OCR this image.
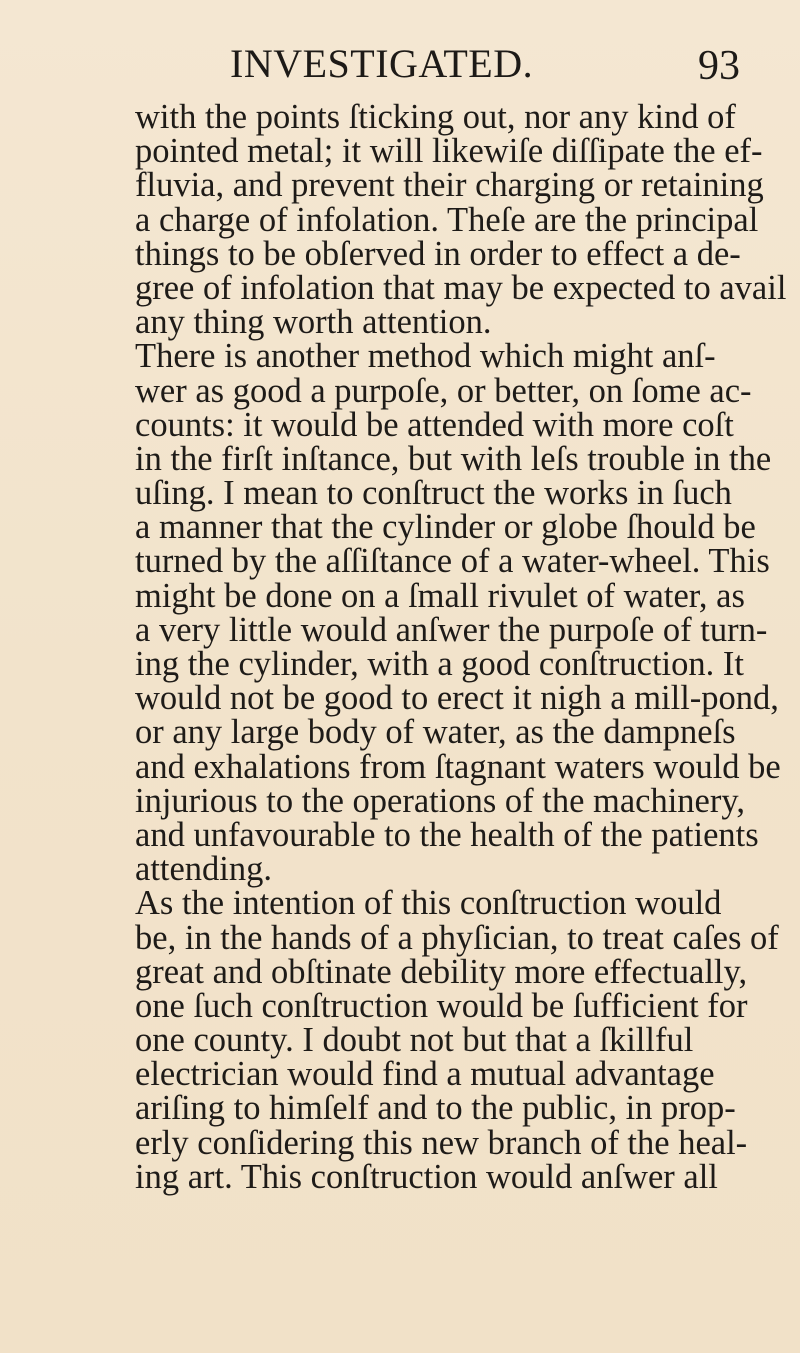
INVESTIGATED.	93
with the points ſticking out, nor any kind of
pointed metal; it will likewiſe diſſipate the ef-
fluvia, and prevent their charging or retaining
a charge of infolation. Theſe are the principal
things to be obſerved in order to effect a de-
gree of infolation that may be expected to avail
any thing worth attention.
There is another method which might anſ-
wer as good a purpoſe, or better, on ſome ac-
counts: it would be attended with more coſt
in the firſt inſtance, but with leſs trouble in the
uſing. I mean to conſtruct the works in ſuch
a manner that the cylinder or globe ſhould be
turned by the aſſiſtance of a water-wheel. This
might be done on a ſmall rivulet of water, as
a very little would anſwer the purpoſe of turn-
ing the cylinder, with a good conſtruction. It
would not be good to erect it nigh a mill-pond,
or any large body of water, as the dampneſs
and exhalations from ſtagnant waters would be
injurious to the operations of the machinery,
and unfavourable to the health of the patients
attending.
As the intention of this conſtruction would
be, in the hands of a phyſician, to treat caſes of
great and obſtinate debility more effectually,
one ſuch conſtruction would be ſufficient for
one county. I doubt not but that a ſkillful
electrician would find a mutual advantage
ariſing to himſelf and to the public, in prop-
erly conſidering this new branch of the heal-
ing art. This conſtruction would anſwer all
